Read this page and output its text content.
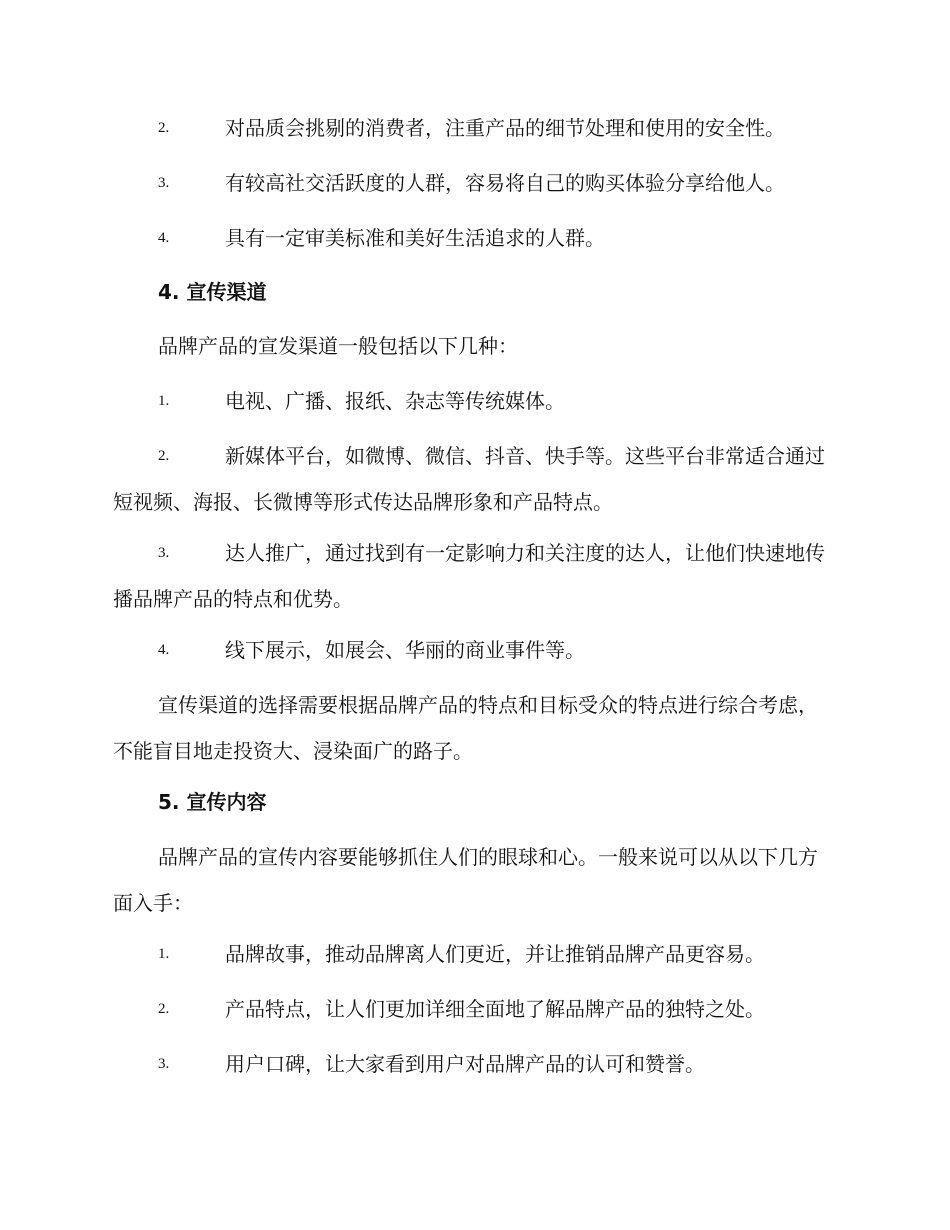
2.	对品质会挑剔的消费者，注重产品的细节处理和使用的安全性。
3.	有较高社交活跃度的人群，容易将自己的购买体验分享给他人。
4.	具有一定审美标准和美好生活追求的人群。
4. 宣传渠道
品牌产品的宣发渠道一般包括以下几种：
1.	电视、广播、报纸、杂志等传统媒体。
2.	新媒体平台，如微博、微信、抖音、快手等。这些平台非常适合通过短视频、海报、长微博等形式传达品牌形象和产品特点。
3.	达人推广，通过找到有一定影响力和关注度的达人，让他们快速地传播品牌产品的特点和优势。
4.	线下展示，如展会、华丽的商业事件等。
宣传渠道的选择需要根据品牌产品的特点和目标受众的特点进行综合考虑，不能盲目地走投资大、浸染面广的路子。
5. 宣传内容
品牌产品的宣传内容要能够抓住人们的眼球和心。一般来说可以从以下几方面入手：
1.	品牌故事，推动品牌离人们更近，并让推销品牌产品更容易。
2.	产品特点，让人们更加详细全面地了解品牌产品的独特之处。
3.	用户口碑，让大家看到用户对品牌产品的认可和赞誉。
